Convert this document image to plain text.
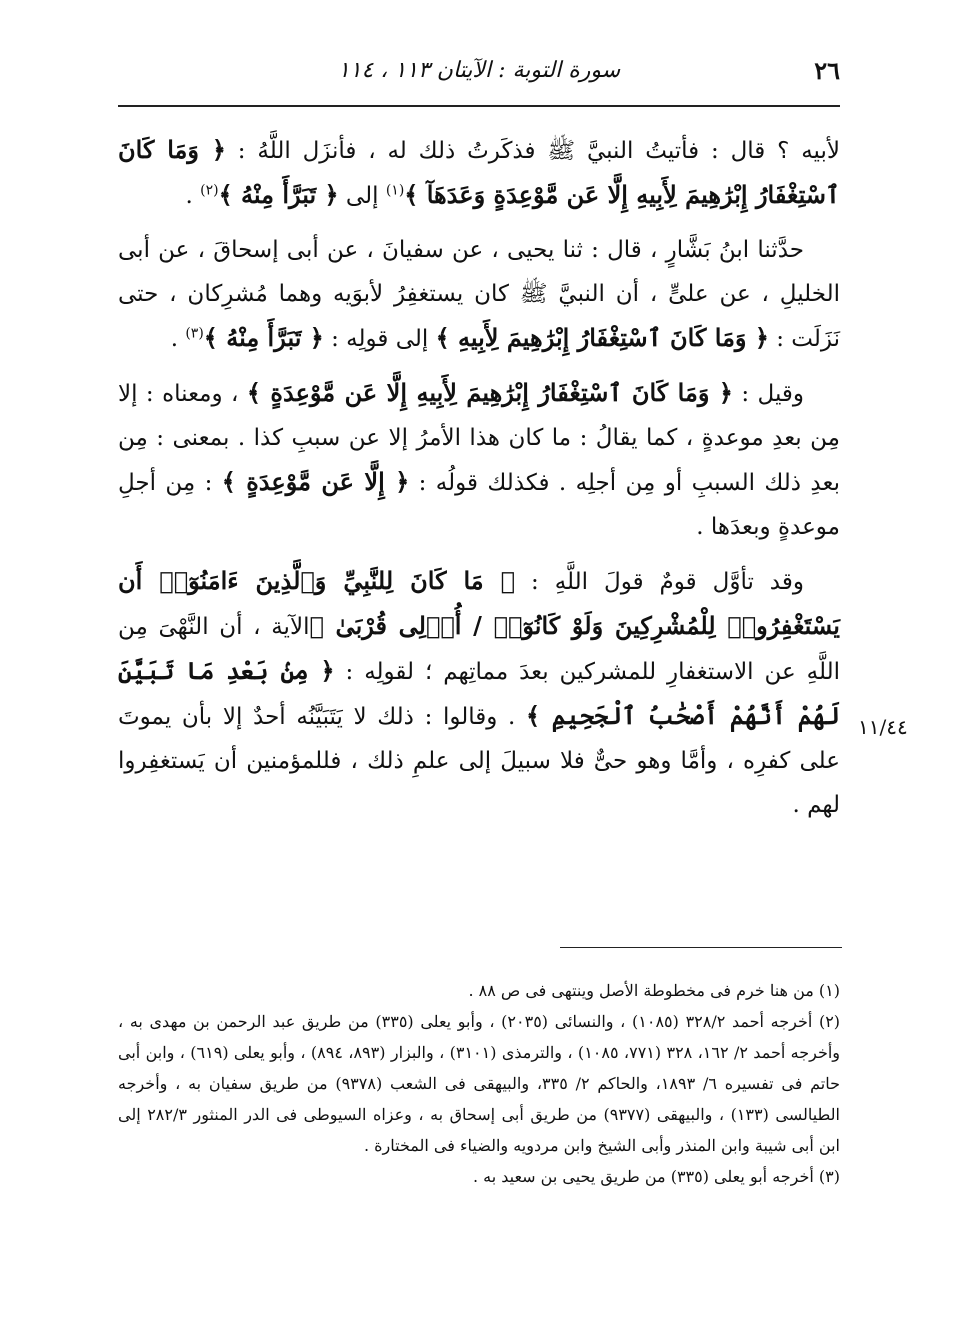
٢٦
سورة التوبة : الآيتان ١١٣ ، ١١٤

لأبيه ؟ قال : فأتيتُ النبيَّ ﷺ فذكَرتُ ذلك له ، فأنزَل اللَّهُ : ﴿ وَمَا كَانَ ٱسْتِغْفَارُ إِبْرَٰهِيمَ لِأَبِيهِ إِلَّا عَن مَّوْعِدَةٍ وَعَدَهَآ ﴾$^{(١)}$ إلى ﴿ تَبَرَّأَ مِنْهُ ﴾$^{(٢)}$ .

حدَّثنا ابنُ بَشَّارٍ ، قال : ثنا يحيى ، عن سفيانَ ، عن أبى إسحاقَ ، عن أبى الخليلِ ، عن علىٍّ ، أن النبيَّ ﷺ كان يستغفِرُ لأبوَيه وهما مُشرِكان ، حتى نَزَلَت : ﴿ وَمَا كَانَ ٱسْتِغْفَارُ إِبْرَٰهِيمَ لِأَبِيهِ ﴾ إلى قولِه : ﴿ تَبَرَّأَ مِنْهُ ﴾$^{(٣)}$ .

وقيل : ﴿ وَمَا كَانَ ٱسْتِغْفَارُ إِبْرَٰهِيمَ لِأَبِيهِ إِلَّا عَن مَّوْعِدَةٍ ﴾ ، ومعناه : إلا مِن بعدِ موعدةٍ ، كما يقالُ : ما كان هذا الأمرُ إلا عن سببِ كذا . بمعنى : مِن بعدِ ذلك السببِ أو مِن أجلِه . فكذلك قولُه : ﴿ إِلَّا عَن مَّوْعِدَةٍ ﴾ : مِن أجلِ موعدةٍ وبعدَها .

وقد تأوَّل قومٌ قولَ اللَّهِ : ﴿ مَا كَانَ لِلنَّبِيِّ وَٱلَّذِينَ ءَامَنُوٓا۟ أَن يَسْتَغْفِرُوا۟ لِلْمُشْرِكِينَ وَلَوْ كَانُوٓا۟ / أُو۟لِى قُرْبَىٰ ﴾الآية ، أن النَّهْىَ مِن اللَّهِ عن الاستغفارِ للمشركين بعدَ مماتِهم ؛ لقولِه : ﴿ مِنۢ بَعْدِ مَا تَبَيَّنَ لَهُمْ أَنَّهُمْ أَصْحَٰبُ ٱلْجَحِيمِ ﴾ . وقالوا : ذلك لا يَتَبَيَّنُه أحدٌ إلا بأن يموتَ على كفرِه ، وأمَّا وهو حىٌّ فلا سبيلَ إلى علمِ ذلك ، فللمؤمنين أن يَستغفِروا لهم .

١١/٤٤

(١) من هنا خرم فى مخطوطة الأصل وينتهى فى ص ٨٨ .

(٢) أخرجه أحمد ٣٢٨/٢ (١٠٨٥) ، والنسائى (٢٠٣٥) ، وأبو يعلى (٣٣٥) من طريق عبد الرحمن بن مهدى به ، وأخرجه أحمد ٢/ ١٦٢، ٣٢٨ (٧٧١، ١٠٨٥) ، والترمذى (٣١٠١) ، والبزار (٨٩٣، ٨٩٤) ، وأبو يعلى (٦١٩) ، وابن أبى حاتم فى تفسيره ٦/ ١٨٩٣، والحاكم ٢/ ٣٣٥، والبيهقى فى الشعب (٩٣٧٨) من طريق سفيان به ، وأخرجه الطيالسى (١٣٣) ، والبيهقى (٩٣٧٧) من طريق أبى إسحاق به ، وعزاه السيوطى فى الدر المنثور ٢٨٢/٣ إلى ابن أبى شيبة وابن المنذر وأبى الشيخ وابن مردويه والضياء فى المختارة .

(٣) أخرجه أبو يعلى (٣٣٥) من طريق يحيى بن سعيد به .
